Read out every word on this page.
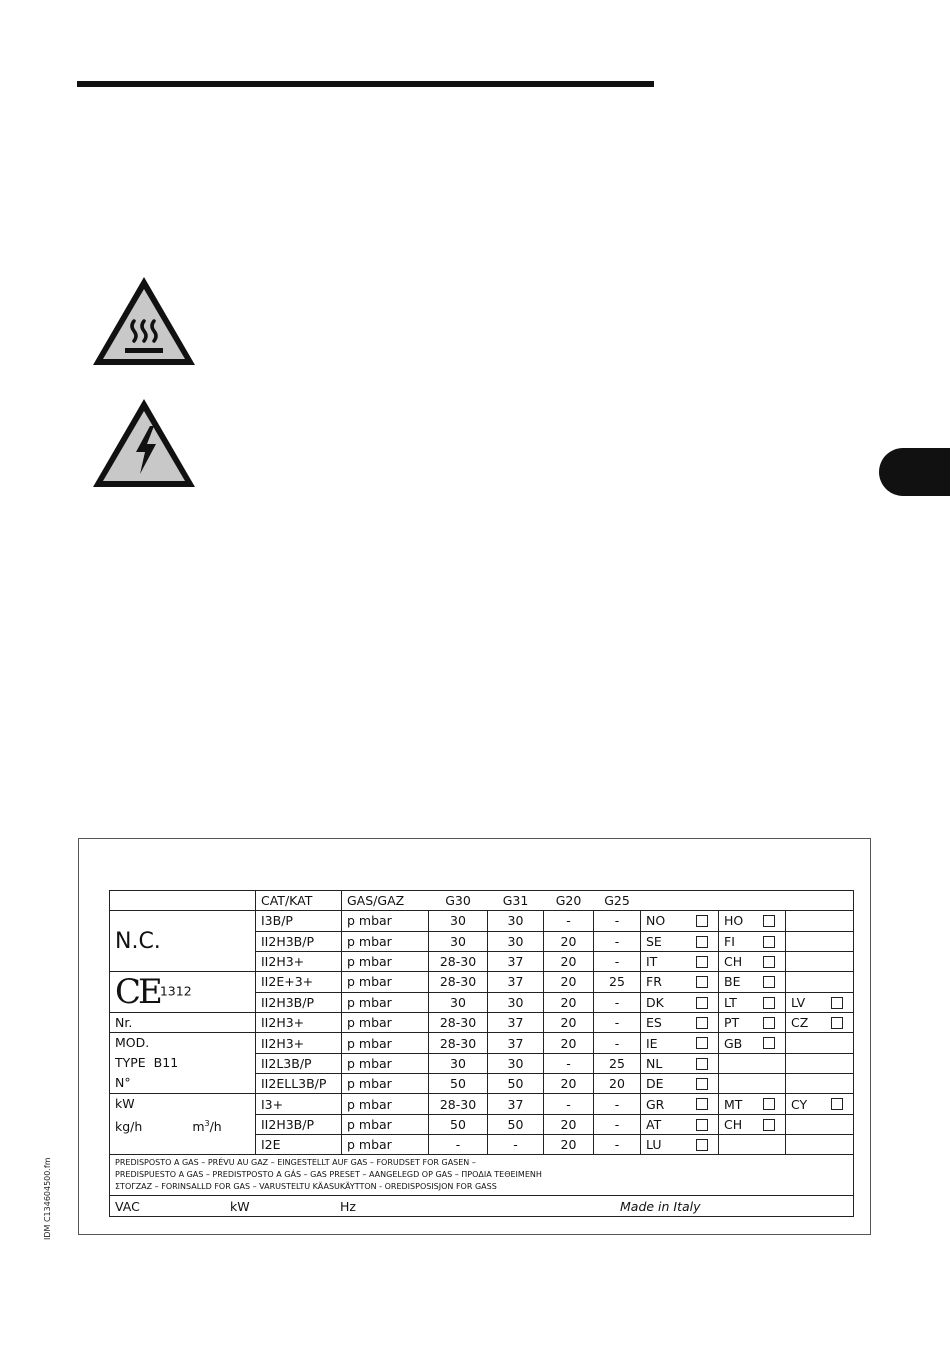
	CAT/KAT	GAS/GAZ	G30	G31	G20	G25			
N.C.	I3B/P	p mbar	30	30	-	-	NO	HO

	II2H3B/P	p mbar	30	30	20	-	SE	FI

	II2H3+	p mbar	28-30	37	20	-	IT	CH

CE1312	II2E+3+	p mbar	28-30	37	20	25	FR	BE

	II2H3B/P	p mbar	30	30	20	-	DK	LT	LV

Nr.	II2H3+	p mbar	28-30	37	20	-	ES	PT	CZ

MOD.
TYPE B11
N°	II2H3+	p mbar	28-30	37	20	-	IE	GB

	II2L3B/P	p mbar	30	30	-	25	NL

	II2ELL3B/P	p mbar	50	50	20	20	DE

kW
kg/h $m^3/h$	I3+	p mbar	28-30	37	-	-	GR	MT	CY

	II2H3B/P	p mbar	50	50	20	-	AT	CH

	I2E	p mbar	-	-	20	-	LU

PREDISPOSTO A GAS – PRÉVU AU GAZ – EINGESTELLT AUF GAS – FORUDSET FOR GASEN –
PREDISPUESTO A GAS – PREDISTPOSTO A GÁS – GAS PRESET – AANGELEGD OP GAS – ΠΡΟΔΙΑ ΤΕΘΕΙΜΕΝΗ
ΣΤΟΓΖΑΖ – FORINSALLD FOR GAS – VARUSTELTU KÄASUKÄYTTON - OREDISPOSISJON FOR GASS									

VAC kW Hz Made in Italy									
IDM C134604500.fm
